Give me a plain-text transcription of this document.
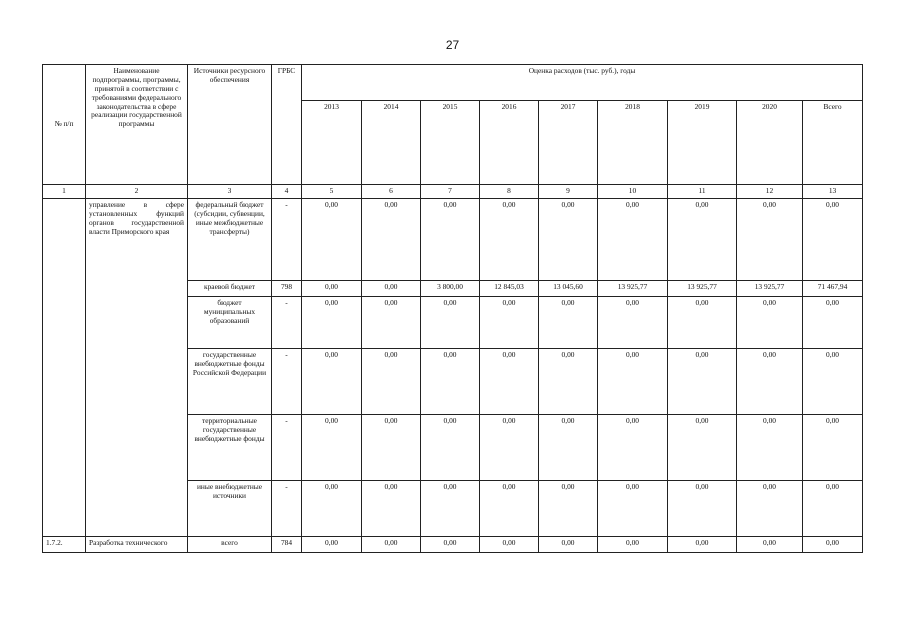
27
№ п/п	Наименование подпрограммы, программы, принятой в соответствии с требованиями федерального законодательства в сфере реализации государственной программы	Источники ресурсного обеспечения	ГРБС	Оценка расходов (тыс. руб.), годы								
				2013	2014	2015	2016	2017	2018	2019	2020	Всего
1	2	3	4	5	6	7	8	9	10	11	12	13
	управление в сфере установленных функций органов государственной власти Приморского края	федеральный бюджет (субсидии, субвенции, иные межбюджетные трансферты)	-	0,00	0,00	0,00	0,00	0,00	0,00	0,00	0,00	0,00
		краевой бюджет	798	0,00	0,00	3 800,00	12 845,03	13 045,60	13 925,77	13 925,77	13 925,77	71 467,94
		бюджет муниципальных образований	-	0,00	0,00	0,00	0,00	0,00	0,00	0,00	0,00	0,00
		государственные внебюджетные фонды Российской Федерации	-	0,00	0,00	0,00	0,00	0,00	0,00	0,00	0,00	0,00
		территориальные государственные внебюджетные фонды	-	0,00	0,00	0,00	0,00	0,00	0,00	0,00	0,00	0,00
		иные внебюджетные источники	-	0,00	0,00	0,00	0,00	0,00	0,00	0,00	0,00	0,00
1.7.2.	Разработка технического	всего	784	0,00	0,00	0,00	0,00	0,00	0,00	0,00	0,00	0,00
